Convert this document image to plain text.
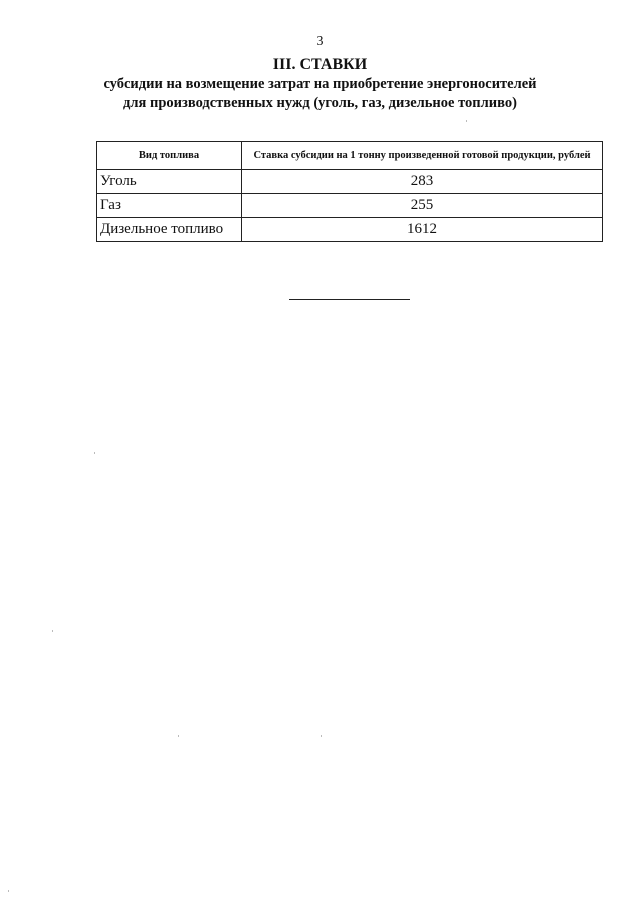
3
III. СТАВКИ
субсидии на возмещение затрат на приобретение энергоносителей
для производственных нужд (уголь, газ, дизельное топливо)
Вид топлива	Ставка субсидии на 1 тонну произведенной готовой продукции, рублей
Уголь	283
Газ	255
Дизельное топливо	1612
